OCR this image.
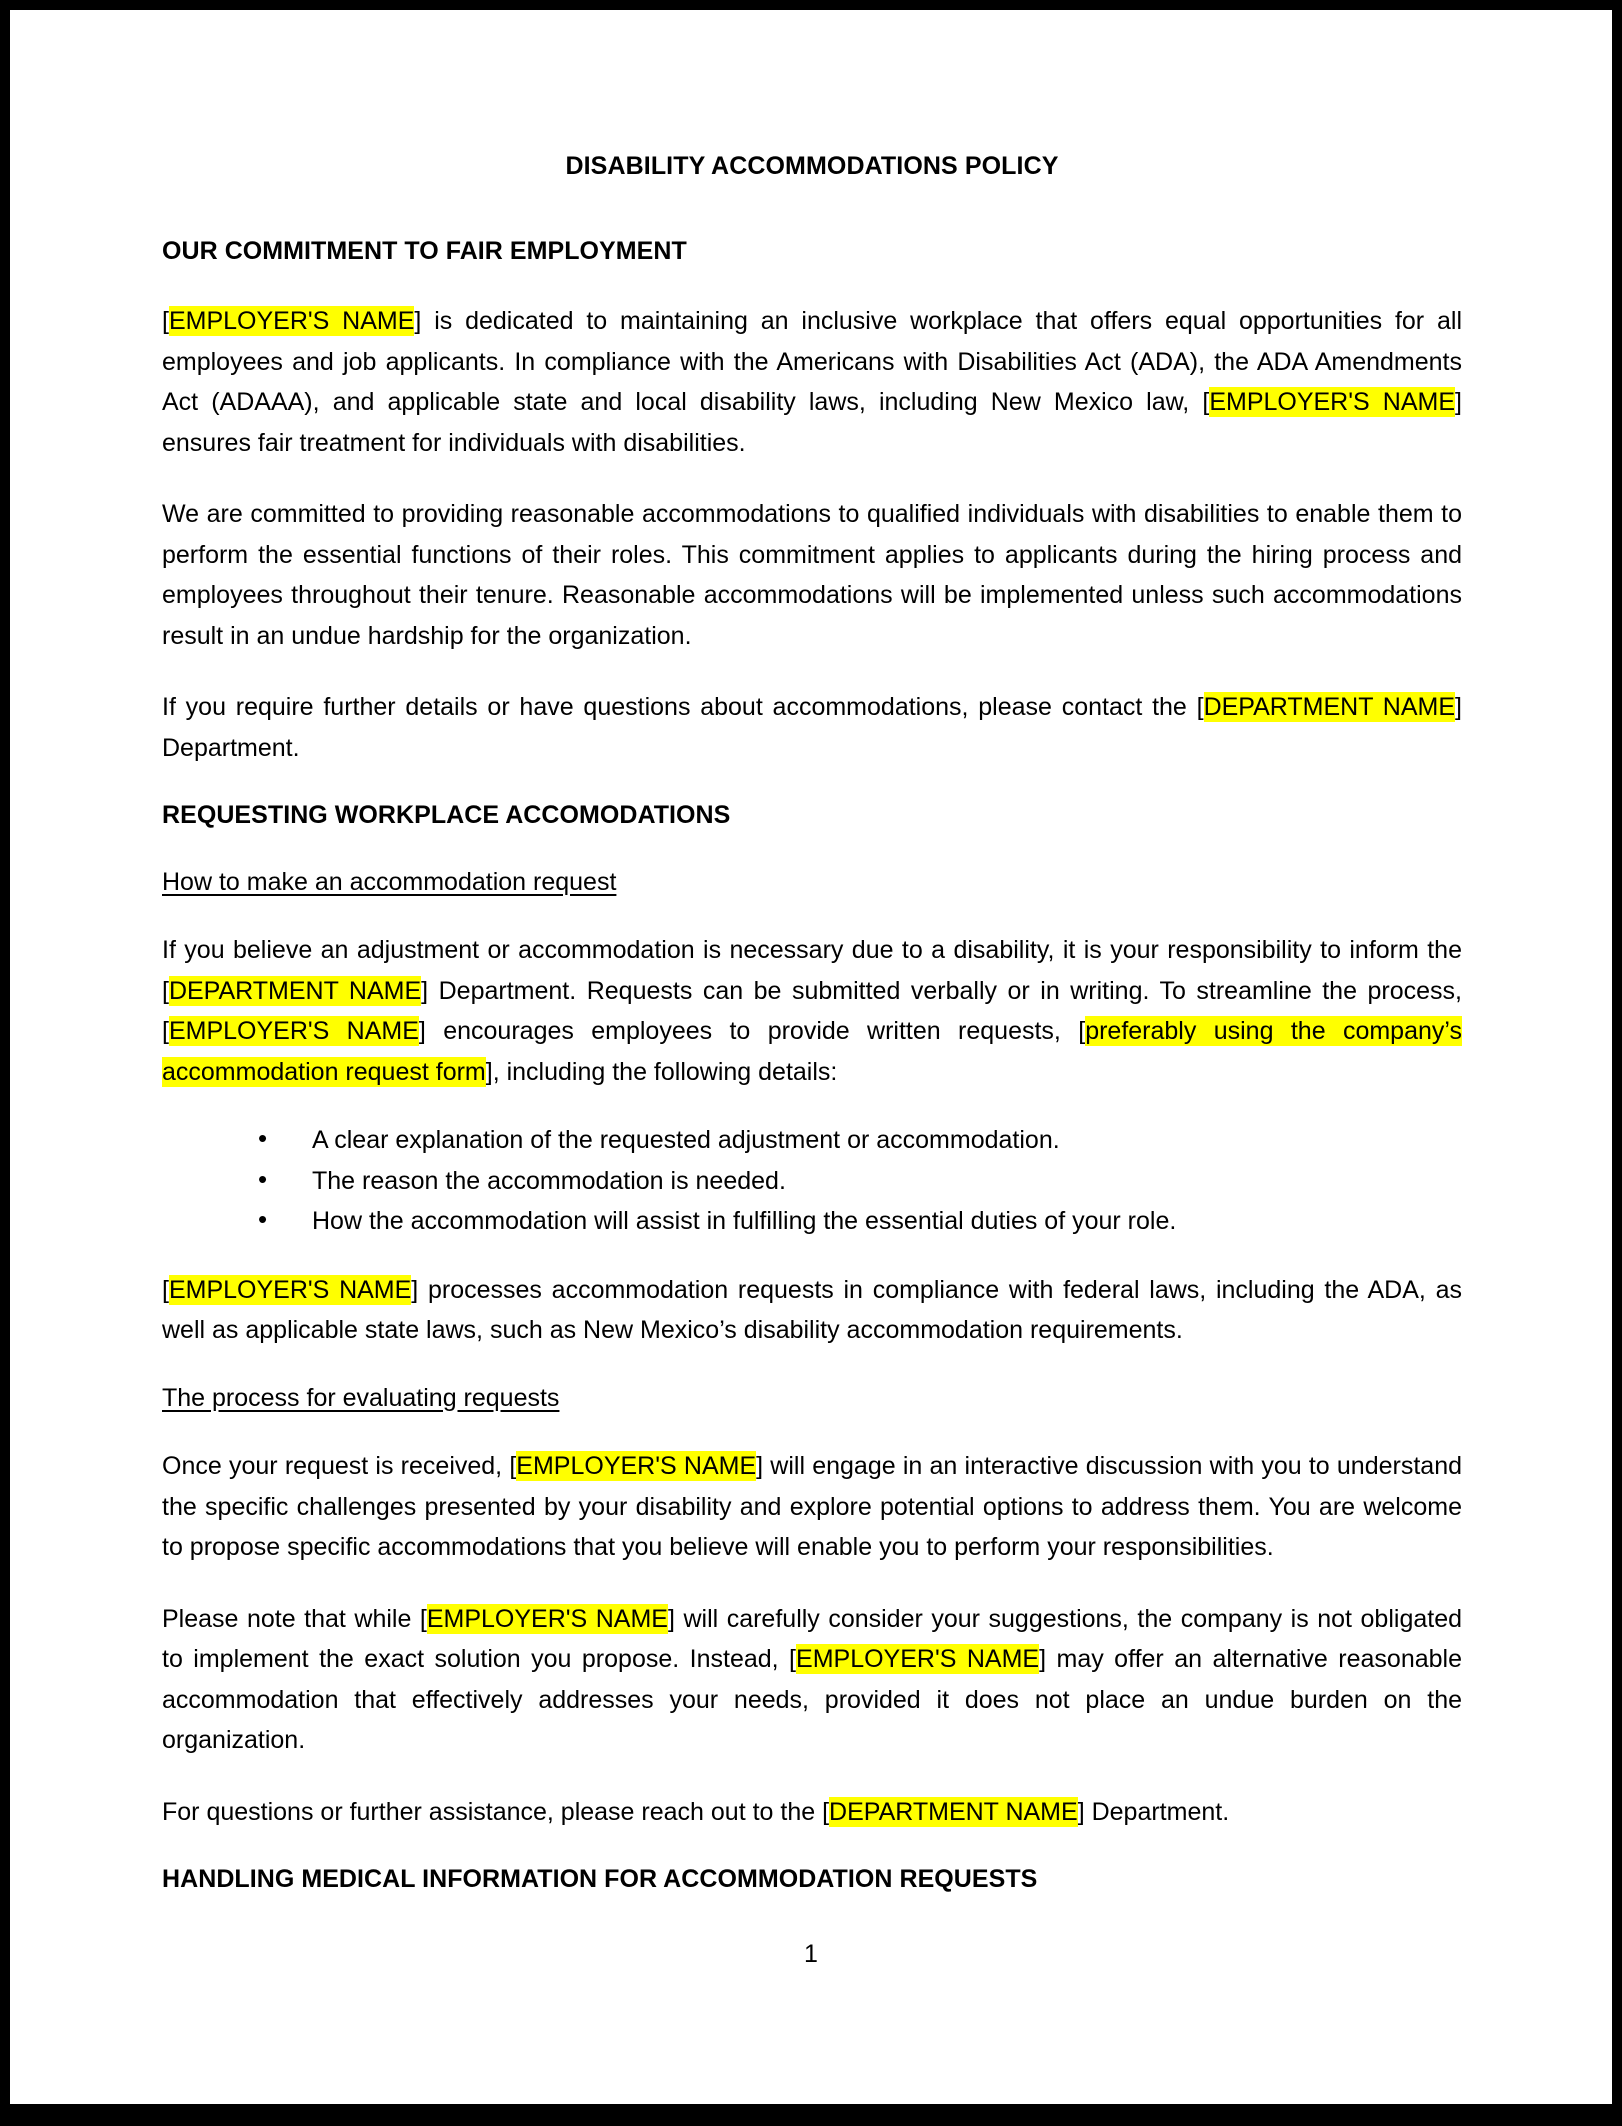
DISABILITY ACCOMMODATIONS POLICY
OUR COMMITMENT TO FAIR EMPLOYMENT

[EMPLOYER'S NAME] is dedicated to maintaining an inclusive workplace that offers equal opportunities for all employees and job applicants. In compliance with the Americans with Disabilities Act (ADA), the ADA Amendments Act (ADAAA), and applicable state and local disability laws, including New Mexico law, [EMPLOYER'S NAME] ensures fair treatment for individuals with disabilities.

We are committed to providing reasonable accommodations to qualified individuals with disabilities to enable them to perform the essential functions of their roles. This commitment applies to applicants during the hiring process and employees throughout their tenure. Reasonable accommodations will be implemented unless such accommodations result in an undue hardship for the organization.

If you require further details or have questions about accommodations, please contact the [DEPARTMENT NAME] Department.

REQUESTING WORKPLACE ACCOMODATIONS
How to make an accommodation request

If you believe an adjustment or accommodation is necessary due to a disability, it is your responsibility to inform the [DEPARTMENT NAME] Department. Requests can be submitted verbally or in writing. To streamline the process, [EMPLOYER'S NAME] encourages employees to provide written requests, [preferably using the company’s accommodation request form], including the following details:

• A clear explanation of the requested adjustment or accommodation.
• The reason the accommodation is needed.
• How the accommodation will assist in fulfilling the essential duties of your role.

[EMPLOYER'S NAME] processes accommodation requests in compliance with federal laws, including the ADA, as well as applicable state laws, such as New Mexico’s disability accommodation requirements.

The process for evaluating requests

Once your request is received, [EMPLOYER'S NAME] will engage in an interactive discussion with you to understand the specific challenges presented by your disability and explore potential options to address them. You are welcome to propose specific accommodations that you believe will enable you to perform your responsibilities.

Please note that while [EMPLOYER'S NAME] will carefully consider your suggestions, the company is not obligated to implement the exact solution you propose. Instead, [EMPLOYER'S NAME] may offer an alternative reasonable accommodation that effectively addresses your needs, provided it does not place an undue burden on the organization.

For questions or further assistance, please reach out to the [DEPARTMENT NAME] Department.

HANDLING MEDICAL INFORMATION FOR ACCOMMODATION REQUESTS
1
